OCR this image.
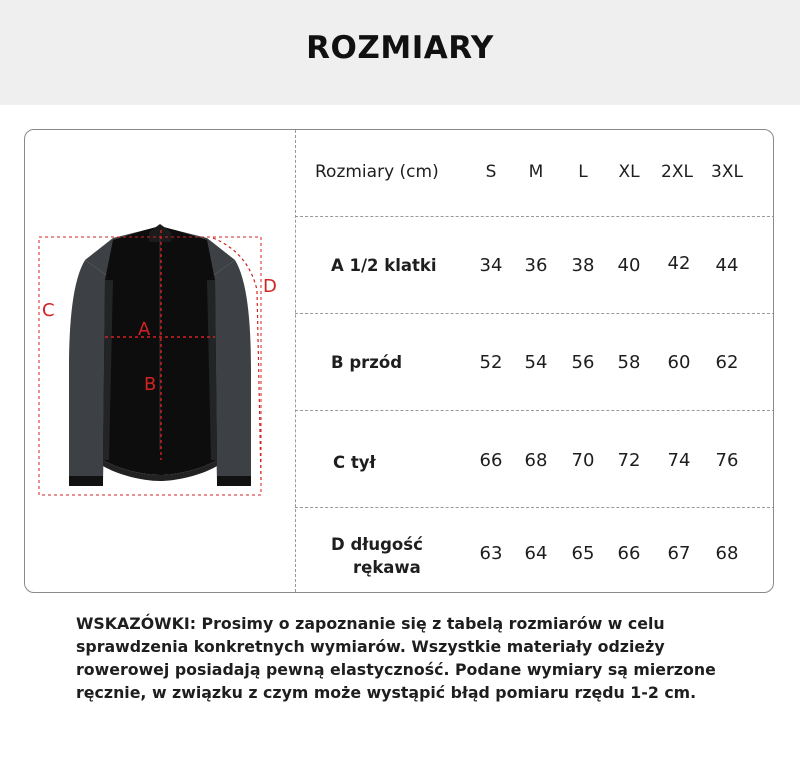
ROZMIARY
A
B
C
D
Rozmiary (cm)	S	M	L	XL	2XL	3XL
A 1/2 klatki	34	36	38	40	42	44
B przód	52	54	56	58	60	62
C tył	66	68	70	72	74	76
D długość
rękawa
63	64	65	66	67	68
WSKAZÓWKI: Prosimy o zapoznanie się z tabelą rozmiarów w celu
sprawdzenia konkretnych wymiarów. Wszystkie materiały odzieży
rowerowej posiadają pewną elastyczność. Podane wymiary są mierzone
ręcznie, w związku z czym może wystąpić błąd pomiaru rzędu 1-2 cm.
